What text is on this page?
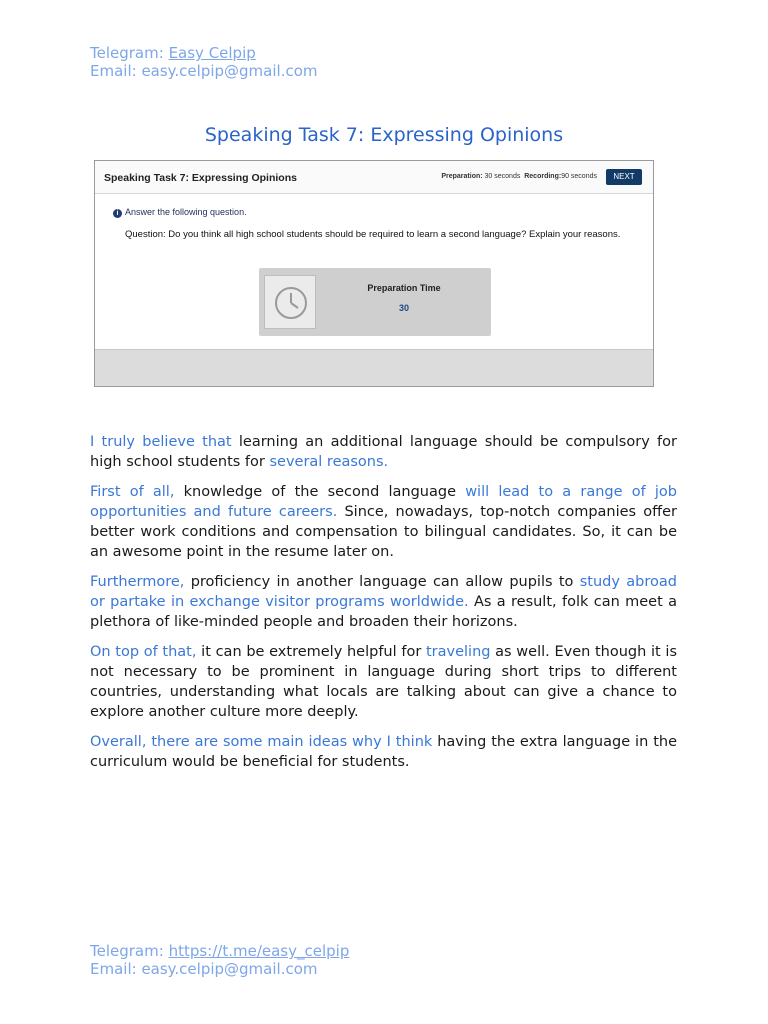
Telegram: Easy Celpip
Email: easy.celpip@gmail.com
Speaking Task 7: Expressing Opinions
Speaking Task 7: Expressing Opinions	Preparation: 30 seconds Recording:90 seconds	NEXT
i Answer the following question.
Question: Do you think all high school students should be required to learn a second language? Explain your reasons.
Preparation Time
30

I truly believe that learning an additional language should be compulsory for high school students for several reasons.

First of all, knowledge of the second language will lead to a range of job opportunities and future careers. Since, nowadays, top-notch companies offer better work conditions and compensation to bilingual candidates. So, it can be an awesome point in the resume later on.

Furthermore, proficiency in another language can allow pupils to study abroad or partake in exchange visitor programs worldwide. As a result, folk can meet a plethora of like-minded people and broaden their horizons.

On top of that, it can be extremely helpful for traveling as well. Even though it is not necessary to be prominent in language during short trips to different countries, understanding what locals are talking about can give a chance to explore another culture more deeply.

Overall, there are some main ideas why I think having the extra language in the curriculum would be beneficial for students.

Telegram: https://t.me/easy_celpip
Email: easy.celpip@gmail.com
